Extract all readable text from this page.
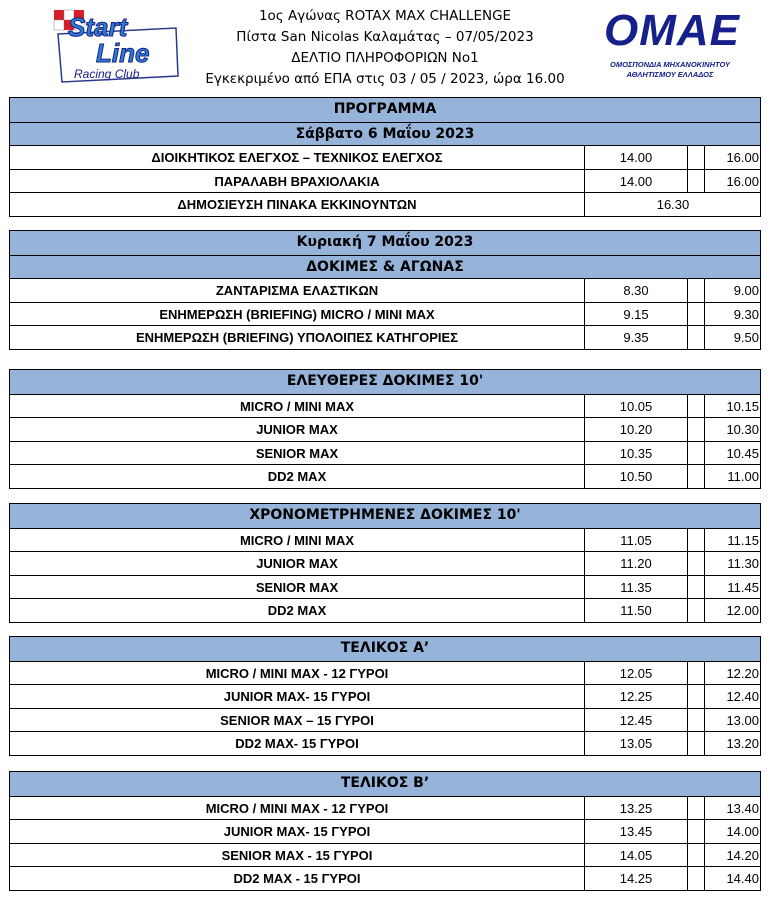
Start
Line
Racing Club
1ος Αγώνας ROTAX MAX CHALLENGE
Πίστα San Nicolas Καλαμάτας – 07/05/2023
ΔΕΛΤΙΟ ΠΛΗΡΟΦΟΡΙΩΝ Νο1
Εγκεκριμένο από ΕΠΑ στις 03 / 05 / 2023, ώρα 16.00
ΟΜΑΕ
ΟΜΟΣΠΟΝΔΙΑ ΜΗΧΑΝΟΚΙΝΗΤΟΥ
ΑΘΛΗΤΙΣΜΟΥ ΕΛΛΑΔΟΣ
ΠΡΟΓΡΑΜΜΑ
Σάββατο 6 Μαΐου 2023
ΔΙΟΙΚΗΤΙΚΟΣ ΕΛΕΓΧΟΣ – ΤΕΧΝΙΚΟΣ ΕΛΕΓΧΟΣ	14.00	16.00
ΠΑΡΑΛΑΒΗ ΒΡΑΧΙΟΛΑΚΙΑ	14.00	16.00
ΔΗΜΟΣΙΕΥΣΗ ΠΙΝΑΚΑ ΕΚΚΙΝΟΥΝΤΩΝ	16.30
Κυριακή 7 Μαΐου 2023
ΔΟΚΙΜΕΣ & ΑΓΩΝΑΣ
ΖΑΝΤΑΡΙΣΜΑ ΕΛΑΣΤΙΚΩΝ	8.30	9.00
ΕΝΗΜΕΡΩΣΗ (BRIEFING) MICRO / MINI MAX	9.15	9.30
ΕΝΗΜΕΡΩΣΗ (BRIEFING) ΥΠΟΛΟΙΠΕΣ ΚΑΤΗΓΟΡΙΕΣ	9.35	9.50
ΕΛΕΥΘΕΡΕΣ ΔΟΚΙΜΕΣ 10'
MICRO / MINI MAX	10.05	10.15
JUNIOR MAX	10.20	10.30
SENIOR MAX	10.35	10.45
DD2 MAX	10.50	11.00
ΧΡΟΝΟΜΕΤΡΗΜΕΝΕΣ ΔΟΚΙΜΕΣ 10'
MICRO / MINI MAX	11.05	11.15
JUNIOR MAX	11.20	11.30
SENIOR MAX	11.35	11.45
DD2 MAX	11.50	12.00
ΤΕΛΙΚΟΣ Α’
MICRO / MINI MAX - 12 ΓΥΡΟΙ	12.05	12.20
JUNIOR MAX- 15 ΓΥΡΟΙ	12.25	12.40
SENIOR MAX – 15 ΓΥΡΟΙ	12.45	13.00
DD2 MAX- 15 ΓΥΡΟΙ	13.05	13.20
ΤΕΛΙΚΟΣ Β’
MICRO / MINI MAX - 12 ΓΥΡΟΙ	13.25	13.40
JUNIOR MAX- 15 ΓΥΡΟΙ	13.45	14.00
SENIOR MAX - 15 ΓΥΡΟΙ	14.05	14.20
DD2 MAX - 15 ΓΥΡΟΙ	14.25	14.40
